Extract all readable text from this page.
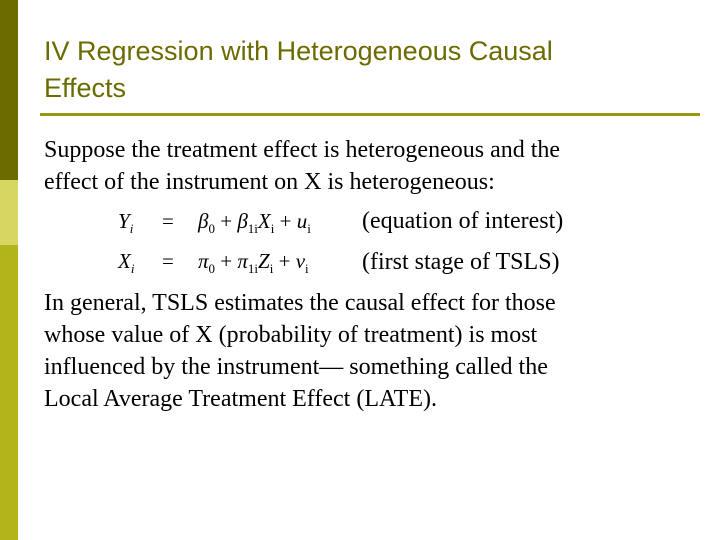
IV Regression with Heterogeneous Causal
Effects
Suppose the treatment effect is heterogeneous and the
effect of the instrument on X is heterogeneous:
$Y_i$	=	$\beta_0 + \beta_{1i}X_i + u_i$ (equation of interest)
$X_i$	=	$\pi_0 + \pi_{1i}Z_i + v_i$ (first stage of TSLS)
In general, TSLS estimates the causal effect for those
whose value of X (probability of treatment) is most
influenced by the instrument— something called the
Local Average Treatment Effect (LATE).
